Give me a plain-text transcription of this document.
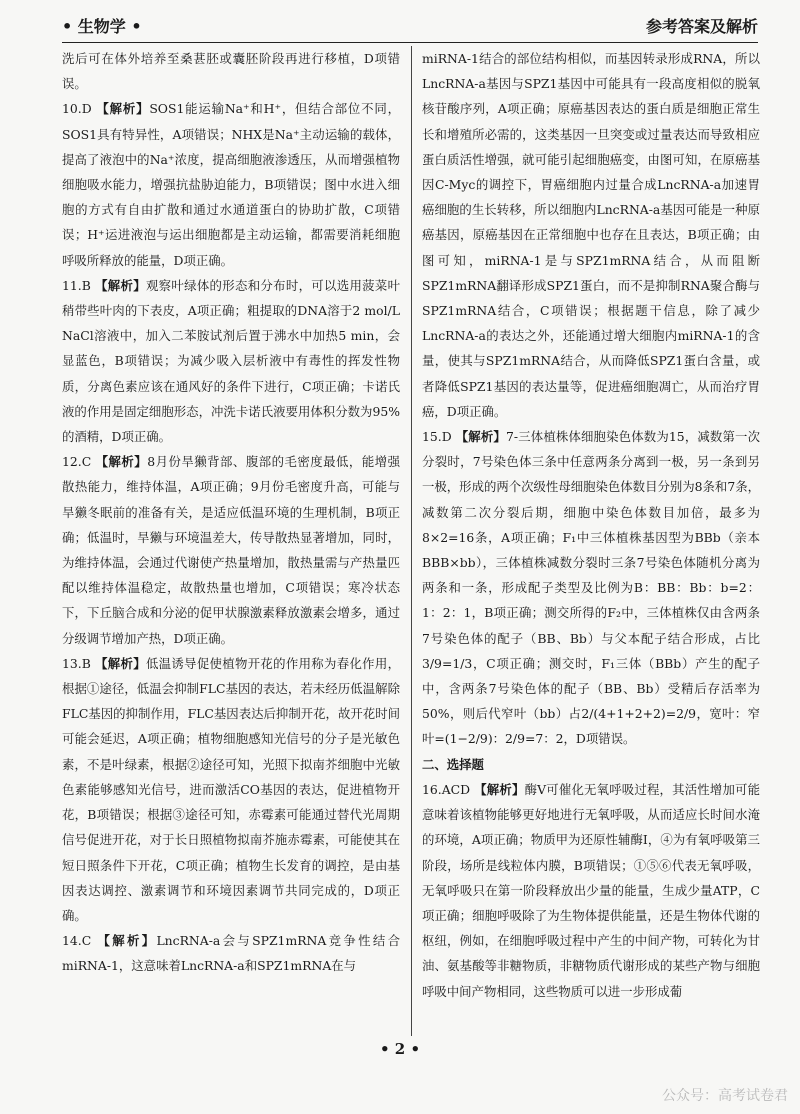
• 生物学 •	参考答案及解析

洗后可在体外培养至桑葚胚或囊胚阶段再进行移植，D项错误。

10.D 【解析】SOS1能运输Na⁺和H⁺，但结合部位不同，SOS1具有特异性，A项错误；NHX是Na⁺主动运输的载体，提高了液泡中的Na⁺浓度，提高细胞液渗透压，从而增强植物细胞吸水能力，增强抗盐胁迫能力，B项错误；图中水进入细胞的方式有自由扩散和通过水通道蛋白的协助扩散，C项错误；H⁺运进液泡与运出细胞都是主动运输，都需要消耗细胞呼吸所释放的能量，D项正确。

11.B 【解析】观察叶绿体的形态和分布时，可以选用菠菜叶稍带些叶肉的下表皮，A项正确；粗提取的DNA溶于2 mol/L NaCl溶液中，加入二苯胺试剂后置于沸水中加热5 min，会显蓝色，B项错误；为减少吸入层析液中有毒性的挥发性物质，分离色素应该在通风好的条件下进行，C项正确；卡诺氏液的作用是固定细胞形态，冲洗卡诺氏液要用体积分数为95%的酒精，D项正确。

12.C 【解析】8月份旱獭背部、腹部的毛密度最低，能增强散热能力，维持体温，A项正确；9月份毛密度升高，可能与旱獭冬眠前的准备有关，是适应低温环境的生理机制，B项正确；低温时，旱獭与环境温差大，传导散热显著增加，同时，为维持体温，会通过代谢使产热量增加，散热量需与产热量匹配以维持体温稳定，故散热量也增加，C项错误；寒冷状态下，下丘脑合成和分泌的促甲状腺激素释放激素会增多，通过分级调节增加产热，D项正确。

13.B 【解析】低温诱导促使植物开花的作用称为春化作用，根据①途径，低温会抑制FLC基因的表达，若未经历低温解除FLC基因的抑制作用，FLC基因表达后抑制开花，故开花时间可能会延迟，A项正确；植物细胞感知光信号的分子是光敏色素，不是叶绿素，根据②途径可知，光照下拟南芥细胞中光敏色素能够感知光信号，进而激活CO基因的表达，促进植物开花，B项错误；根据③途径可知，赤霉素可能通过替代光周期信号促进开花，对于长日照植物拟南芥施赤霉素，可能使其在短日照条件下开花，C项正确；植物生长发育的调控，是由基因表达调控、激素调节和环境因素调节共同完成的，D项正确。

14.C 【解析】LncRNA-a会与SPZ1mRNA竞争性结合miRNA-1，这意味着LncRNA-a和SPZ1mRNA在与

miRNA-1结合的部位结构相似，而基因转录形成RNA，所以LncRNA-a基因与SPZ1基因中可能具有一段高度相似的脱氧核苷酸序列，A项正确；原癌基因表达的蛋白质是细胞正常生长和增殖所必需的，这类基因一旦突变或过量表达而导致相应蛋白质活性增强，就可能引起细胞癌变，由图可知，在原癌基因C-Myc的调控下，胃癌细胞内过量合成LncRNA-a加速胃癌细胞的生长转移，所以细胞内LncRNA-a基因可能是一种原癌基因，原癌基因在正常细胞中也存在且表达，B项正确；由图可知，miRNA-1是与SPZ1mRNA结合，从而阻断SPZ1mRNA翻译形成SPZ1蛋白，而不是抑制RNA聚合酶与SPZ1mRNA结合，C项错误；根据题干信息，除了减少LncRNA-a的表达之外，还能通过增大细胞内miRNA-1的含量，使其与SPZ1mRNA结合，从而降低SPZ1蛋白含量，或者降低SPZ1基因的表达量等，促进癌细胞凋亡，从而治疗胃癌，D项正确。

15.D 【解析】7-三体植株体细胞染色体数为15，减数第一次分裂时，7号染色体三条中任意两条分离到一极，另一条到另一极，形成的两个次级性母细胞染色体数目分别为8条和7条，减数第二次分裂后期，细胞中染色体数目加倍，最多为8×2=16条，A项正确；F₁中三体植株基因型为BBb（亲本BBB×bb），三体植株减数分裂时三条7号染色体随机分离为两条和一条，形成配子类型及比例为B：BB：Bb：b=2：1：2：1，B项正确；测交所得的F₂中，三体植株仅由含两条7号染色体的配子（BB、Bb）与父本配子结合形成，占比3/9=1/3，C项正确；测交时，F₁三体（BBb）产生的配子中，含两条7号染色体的配子（BB、Bb）受精后存活率为50%，则后代窄叶（bb）占2/(4+1+2+2)=2/9，宽叶：窄叶=(1−2/9)：2/9=7：2，D项错误。

二、选择题

16.ACD 【解析】酶V可催化无氧呼吸过程，其活性增加可能意味着该植物能够更好地进行无氧呼吸，从而适应长时间水淹的环境，A项正确；物质甲为还原性辅酶Ⅰ，④为有氧呼吸第三阶段，场所是线粒体内膜，B项错误；①⑤⑥代表无氧呼吸，无氧呼吸只在第一阶段释放出少量的能量，生成少量ATP，C项正确；细胞呼吸除了为生物体提供能量，还是生物体代谢的枢纽，例如，在细胞呼吸过程中产生的中间产物，可转化为甘油、氨基酸等非糖物质，非糖物质代谢形成的某些产物与细胞呼吸中间产物相同，这些物质可以进一步形成葡

• 2 •
公众号：高考试卷君
